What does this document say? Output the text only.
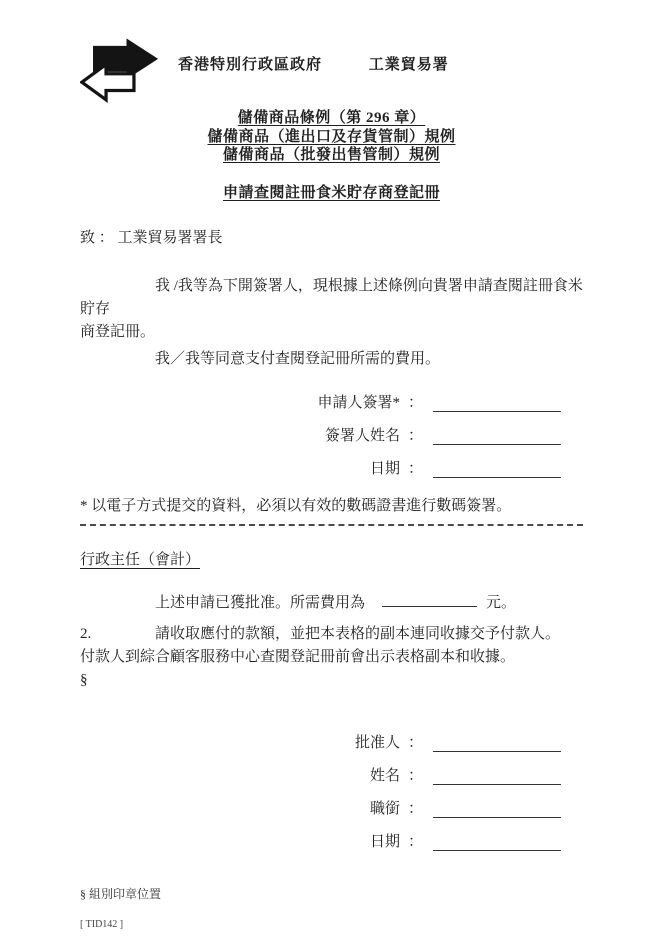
香港特別行政區政府	工業貿易署
儲備商品條例（第 296 章）
儲備商品（進出口及存貨管制）規例
儲備商品（批發出售管制）規例
申請查閱註冊食米貯存商登記冊
致 ： 工業貿易署署長
我 /我等為下開簽署人，現根據上述條例向貴署申請查閱註冊食米貯存
商登記冊。
我／我等同意支付查閱登記冊所需的費用。
申請人簽署* ：
簽署人姓名 ：
日期 ：
* 以電子方式提交的資料，必須以有效的數碼證書進行數碼簽署。
行政主任（會計）
上述申請已獲批准。所需費用為	元。
2.	請收取應付的款額，並把本表格的副本連同收據交予付款人。
付款人到綜合顧客服務中心查閱登記冊前會出示表格副本和收據。
§
批准人 ：
姓名 ：
職銜 ：
日期 ：
§ 組別印章位置
[ TID142 ]
